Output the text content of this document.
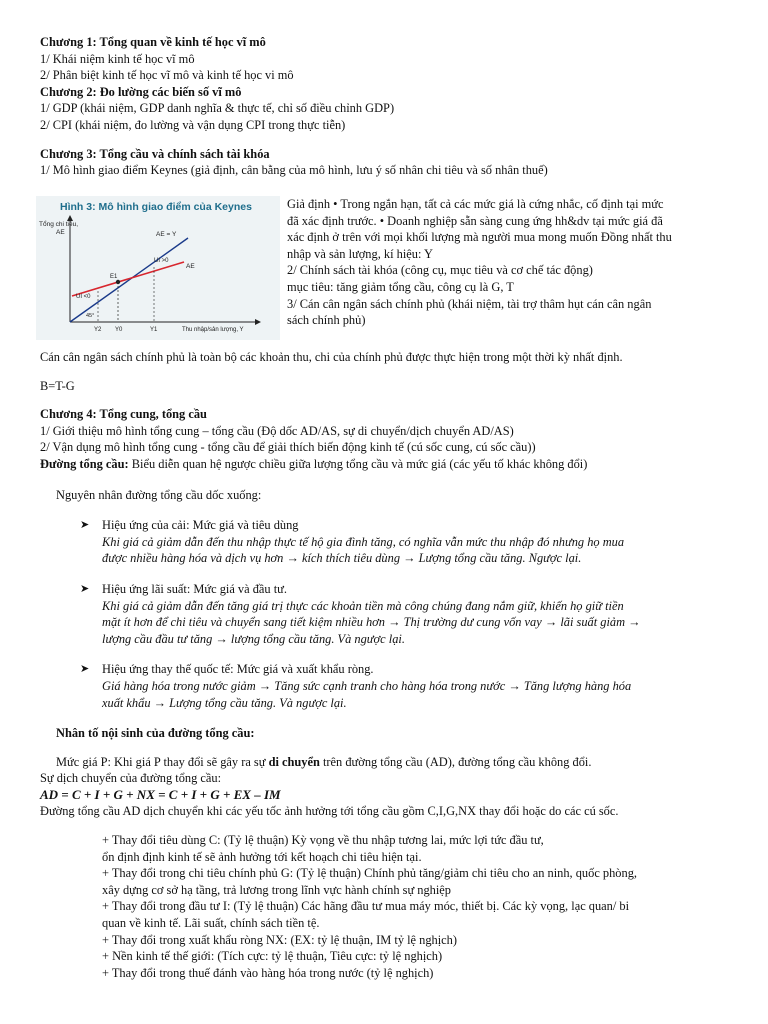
Chương 1: Tổng quan về kinh tế học vĩ mô
1/ Khái niệm kinh tế học vĩ mô
2/ Phân biệt kinh tế học vĩ mô và kinh tế học vi mô
Chương 2: Đo lường các biến số vĩ mô
1/ GDP (khái niệm, GDP danh nghĩa & thực tế, chỉ số điều chỉnh GDP)
2/ CPI (khái niệm, đo lường và vận dụng CPI trong thực tiễn)
Chương 3: Tổng cầu và chính sách tài khóa
1/ Mô hình giao điểm Keynes (giả định, cân bằng của mô hình, lưu ý số nhân chi tiêu và số nhân thuế)
Hình 3: Mô hình giao điểm của Keynes
Tổng chi tiêu,
AE	AE = Y
AE
UI >0
UI <0
E1
45°
Y2 Y0	Y1	Thu nhập/sản lượng, Y
Giả định • Trong ngắn hạn, tất cả các mức giá là cứng nhắc, cố định tại mức
đã xác định trước. • Doanh nghiệp sẵn sàng cung ứng hh&dv tại mức giá đã
xác định ở trên với mọi khối lượng mà người mua mong muốn Đồng nhất thu
nhập và sản lượng, kí hiệu: Y
2/ Chính sách tài khóa (công cụ, mục tiêu và cơ chế tác động)
mục tiêu: tăng giảm tổng cầu, công cụ là G, T
3/ Cán cân ngân sách chính phủ (khái niệm, tài trợ thâm hụt cán cân ngân
sách chính phủ)
Cán cân ngân sách chính phủ là toàn bộ các khoản thu, chi của chính phủ được thực hiện trong một thời kỳ nhất định.
B=T-G
Chương 4: Tổng cung, tổng cầu
1/ Giới thiệu mô hình tổng cung – tổng cầu (Độ dốc AD/AS, sự di chuyển/dịch chuyển AD/AS)
2/ Vận dụng mô hình tổng cung - tổng cầu để giải thích biến động kinh tế (cú sốc cung, cú sốc cầu))
Đường tổng cầu: Biểu diễn quan hệ ngược chiều giữa lượng tổng cầu và mức giá (các yếu tố khác không đổi)
Nguyên nhân đường tổng cầu dốc xuống:
➤ Hiệu ứng của cải: Mức giá và tiêu dùng
Khi giá cả giảm dẫn đến thu nhập thực tế hộ gia đình tăng, có nghĩa vẫn mức thu nhập đó nhưng họ mua
được nhiều hàng hóa và dịch vụ hơn → kích thích tiêu dùng → Lượng tổng cầu tăng. Ngược lại.
➤ Hiệu ứng lãi suất: Mức giá và đầu tư.
Khi giá cả giảm dẫn đến tăng giá trị thực các khoản tiền mà công chúng đang nắm giữ, khiến họ giữ tiền
mặt ít hơn để chi tiêu và chuyển sang tiết kiệm nhiều hơn → Thị trường dư cung vốn vay → lãi suất giảm →
lượng cầu đầu tư tăng → lượng tổng cầu tăng. Và ngược lại.
➤ Hiệu ứng thay thế quốc tế: Mức giá và xuất khẩu ròng.
Giá hàng hóa trong nước giảm → Tăng sức cạnh tranh cho hàng hóa trong nước → Tăng lượng hàng hóa
xuất khẩu → Lượng tổng cầu tăng. Và ngược lại.
Nhân tố nội sinh của đường tổng cầu:
Mức giá P: Khi giá P thay đổi sẽ gây ra sự di chuyển trên đường tổng cầu (AD), đường tổng cầu không đổi.
Sự dịch chuyển của đường tổng cầu:
AD = C + I + G + NX = C + I + G + EX – IM
Đường tổng cầu AD dịch chuyển khi các yếu tốc ảnh hưởng tới tổng cầu gồm C,I,G,NX thay đổi hoặc do các cú sốc.
+ Thay đổi tiêu dùng C: (Tỷ lệ thuận) Kỳ vọng về thu nhập tương lai, mức lợi tức đầu tư,
ổn định định kinh tế sẽ ảnh hưởng tới kết hoạch chi tiêu hiện tại.
+ Thay đổi trong chi tiêu chính phủ G: (Tỷ lệ thuận) Chính phủ tăng/giảm chi tiêu cho an ninh, quốc phòng,
xây dựng cơ sở hạ tầng, trả lương trong lĩnh vực hành chính sự nghiệp
+ Thay đổi trong đầu tư I: (Tỷ lệ thuận) Các hãng đầu tư mua máy móc, thiết bị. Các kỳ vọng, lạc quan/ bi
quan về kinh tế. Lãi suất, chính sách tiền tệ.
+ Thay đổi trong xuất khẩu ròng NX: (EX: tỷ lệ thuận, IM tỷ lệ nghịch)
+ Nền kinh tế thế giới: (Tích cực: tỷ lệ thuận, Tiêu cực: tỷ lệ nghịch)
+ Thay đổi trong thuế đánh vào hàng hóa trong nước (tỷ lệ nghịch)
